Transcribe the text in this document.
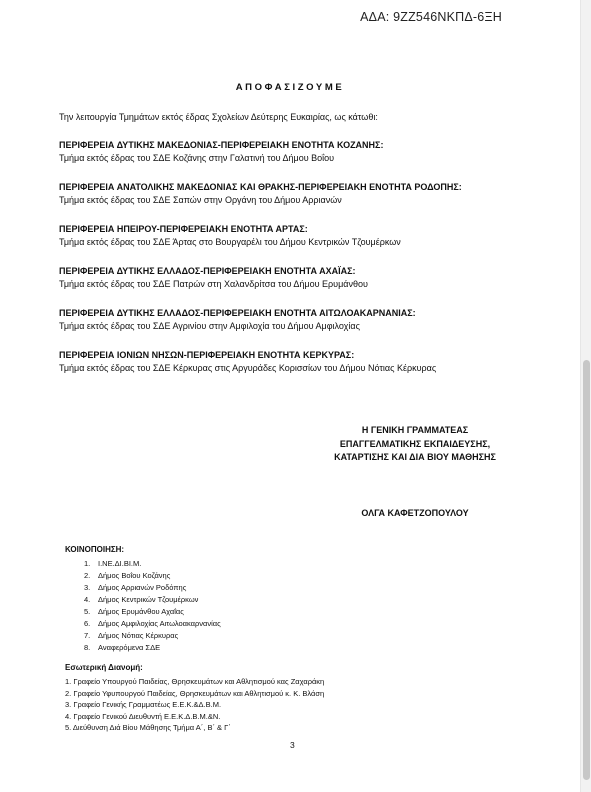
ΑΔΑ: 9ΖΖ546ΝΚΠΔ-6ΞΗ
ΑΠΟΦΑΣΙΖΟΥΜΕ
Την λειτουργία Τμημάτων εκτός έδρας Σχολείων Δεύτερης Ευκαιρίας, ως κάτωθι:
ΠΕΡΙΦΕΡΕΙΑ ΔΥΤΙΚΗΣ ΜΑΚΕΔΟΝΙΑΣ-ΠΕΡΙΦΕΡΕΙΑΚΗ ΕΝΟΤΗΤΑ ΚΟΖΑΝΗΣ:
Τμήμα εκτός έδρας του ΣΔΕ Κοζάνης στην Γαλατινή του Δήμου Βοΐου
ΠΕΡΙΦΕΡΕΙΑ ΑΝΑΤΟΛΙΚΗΣ ΜΑΚΕΔΟΝΙΑΣ ΚΑΙ ΘΡΑΚΗΣ-ΠΕΡΙΦΕΡΕΙΑΚΗ ΕΝΟΤΗΤΑ ΡΟΔΟΠΗΣ:
Τμήμα εκτός έδρας του ΣΔΕ Σαπών στην Οργάνη του Δήμου Αρριανών
ΠΕΡΙΦΕΡΕΙΑ ΗΠΕΙΡΟΥ-ΠΕΡΙΦΕΡΕΙΑΚΗ ΕΝΟΤΗΤΑ ΑΡΤΑΣ:
Τμήμα εκτός έδρας του ΣΔΕ Άρτας στο Βουργαρέλι του Δήμου Κεντρικών Τζουμέρκων
ΠΕΡΙΦΕΡΕΙΑ ΔΥΤΙΚΗΣ ΕΛΛΑΔΟΣ-ΠΕΡΙΦΕΡΕΙΑΚΗ ΕΝΟΤΗΤΑ ΑΧΑΪΑΣ:
Τμήμα εκτός έδρας του ΣΔΕ Πατρών στη Χαλανδρίτσα του Δήμου Ερυμάνθου
ΠΕΡΙΦΕΡΕΙΑ ΔΥΤΙΚΗΣ ΕΛΛΑΔΟΣ-ΠΕΡΙΦΕΡΕΙΑΚΗ ΕΝΟΤΗΤΑ ΑΙΤΩΛΟΑΚΑΡΝΑΝΙΑΣ:
Τμήμα εκτός έδρας του ΣΔΕ Αγρινίου στην Αμφιλοχία του Δήμου Αμφιλοχίας
ΠΕΡΙΦΕΡΕΙΑ ΙΟΝΙΩΝ ΝΗΣΩΝ-ΠΕΡΙΦΕΡΕΙΑΚΗ ΕΝΟΤΗΤΑ ΚΕΡΚΥΡΑΣ:
Τμήμα εκτός έδρας του ΣΔΕ Κέρκυρας στις Αργυράδες Κορισσίων του Δήμου Νότιας Κέρκυρας
Η ΓΕΝΙΚΗ ΓΡΑΜΜΑΤΕΑΣ
ΕΠΑΓΓΕΛΜΑΤΙΚΗΣ ΕΚΠΑΙΔΕΥΣΗΣ,
ΚΑΤΑΡΤΙΣΗΣ ΚΑΙ ΔΙΑ ΒΙΟΥ ΜΑΘΗΣΗΣ
ΟΛΓΑ ΚΑΦΕΤΖΟΠΟΥΛΟΥ
ΚΟΙΝΟΠΟΙΗΣΗ:
1. Ι.ΝΕ.ΔΙ.ΒΙ.Μ.
2. Δήμος Βοΐου Κοζάνης
3. Δήμος Αρριανών Ροδόπης
4. Δήμος Κεντρικών Τζουμέρκων
5. Δήμος Ερυμάνθου Αχαΐας
6. Δήμος Αμφιλοχίας Αιτωλοακαρνανίας
7. Δήμος Νότιας Κέρκυρας
8. Αναφερόμενα ΣΔΕ
Εσωτερική Διανομή:
1. Γραφείο Υπουργού Παιδείας, Θρησκευμάτων και Αθλητισμού κας Ζαχαράκη
2. Γραφείο Υφυπουργού Παιδείας, Θρησκευμάτων και Αθλητισμού κ. Κ. Βλάση
3. Γραφείο Γενικής Γραμματέως Ε.Ε.Κ.&Δ.Β.Μ.
4. Γραφείο Γενικού Διευθυντή Ε.Ε.Κ.Δ.Β.Μ.&Ν.
5. Διεύθυνση Διά Βίου Μάθησης Τμήμα Α΄, Β΄ & Γ΄
3
